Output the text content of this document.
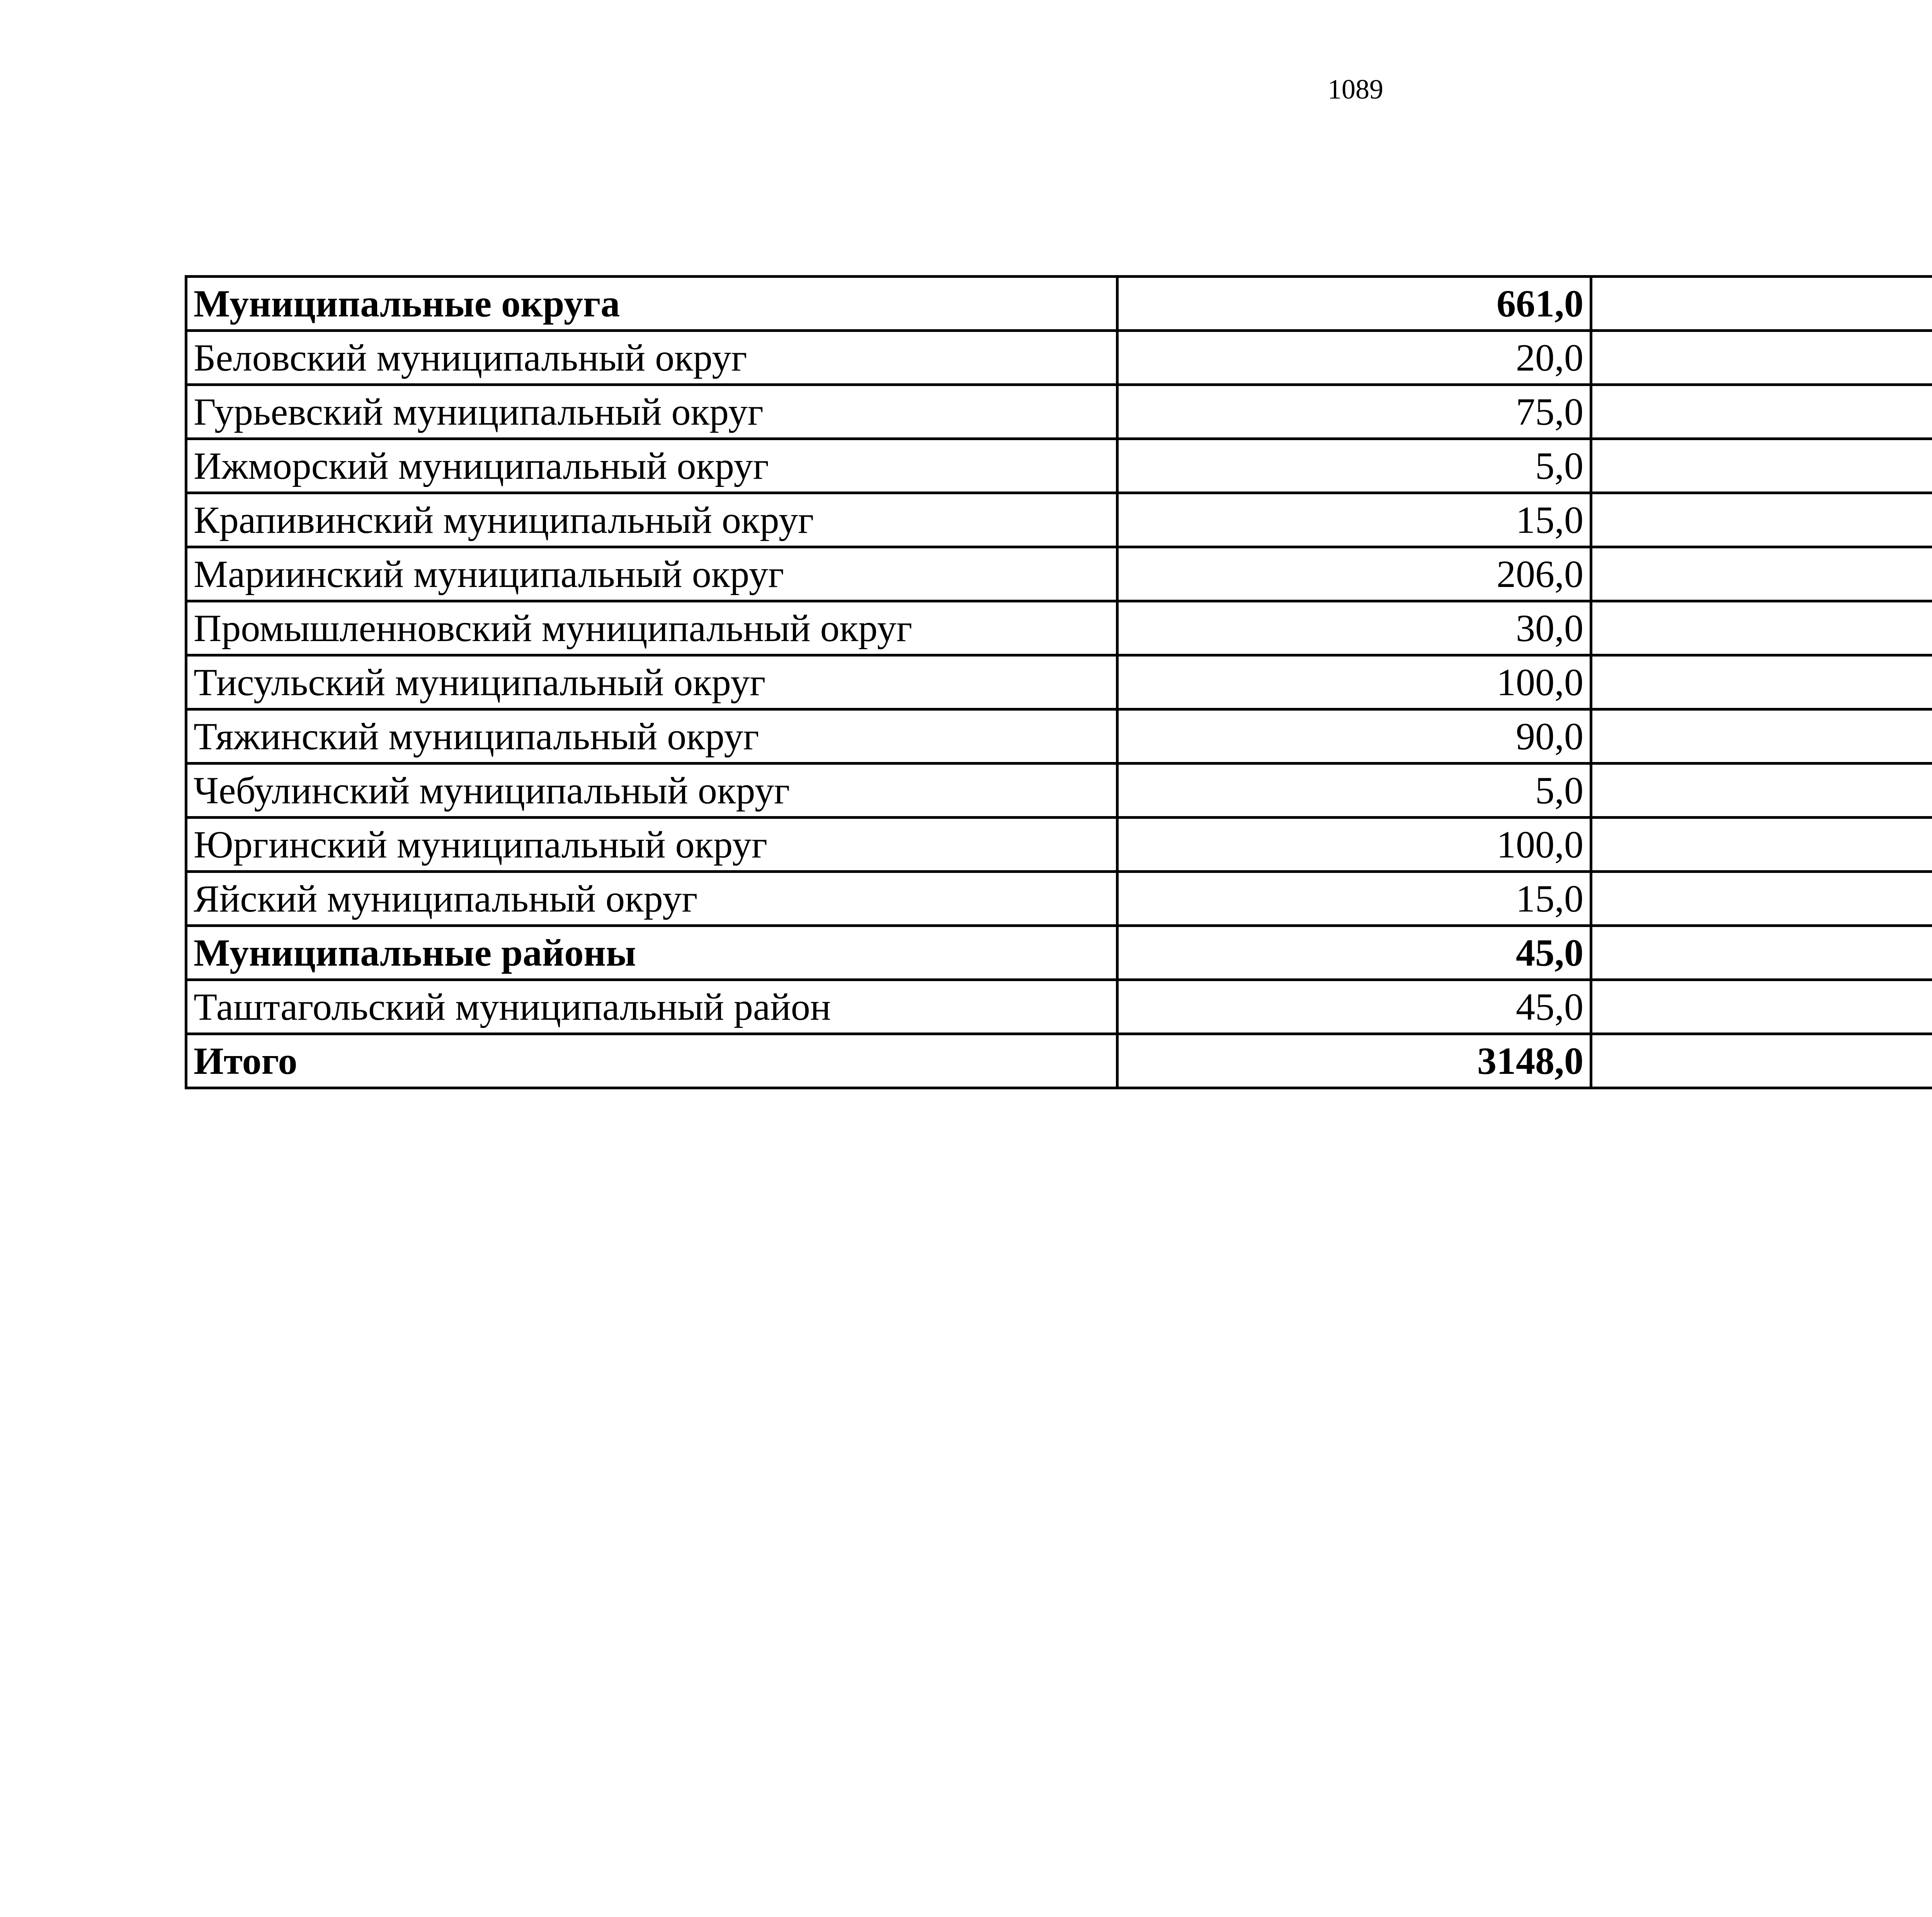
1089
Муниципальные округа	661,0		
Беловский муниципальный округ	20,0		
Гурьевский муниципальный округ	75,0		
Ижморский муниципальный округ	5,0		
Крапивинский муниципальный округ	15,0		
Мариинский муниципальный округ	206,0		
Промышленновский муниципальный округ	30,0		
Тисульский муниципальный округ	100,0		
Тяжинский муниципальный округ	90,0		
Чебулинский муниципальный округ	5,0		
Юргинский муниципальный округ	100,0		
Яйский муниципальный округ	15,0		
Муниципальные районы	45,0		
Таштагольский муниципальный район	45,0		
Итого	3148,0		
